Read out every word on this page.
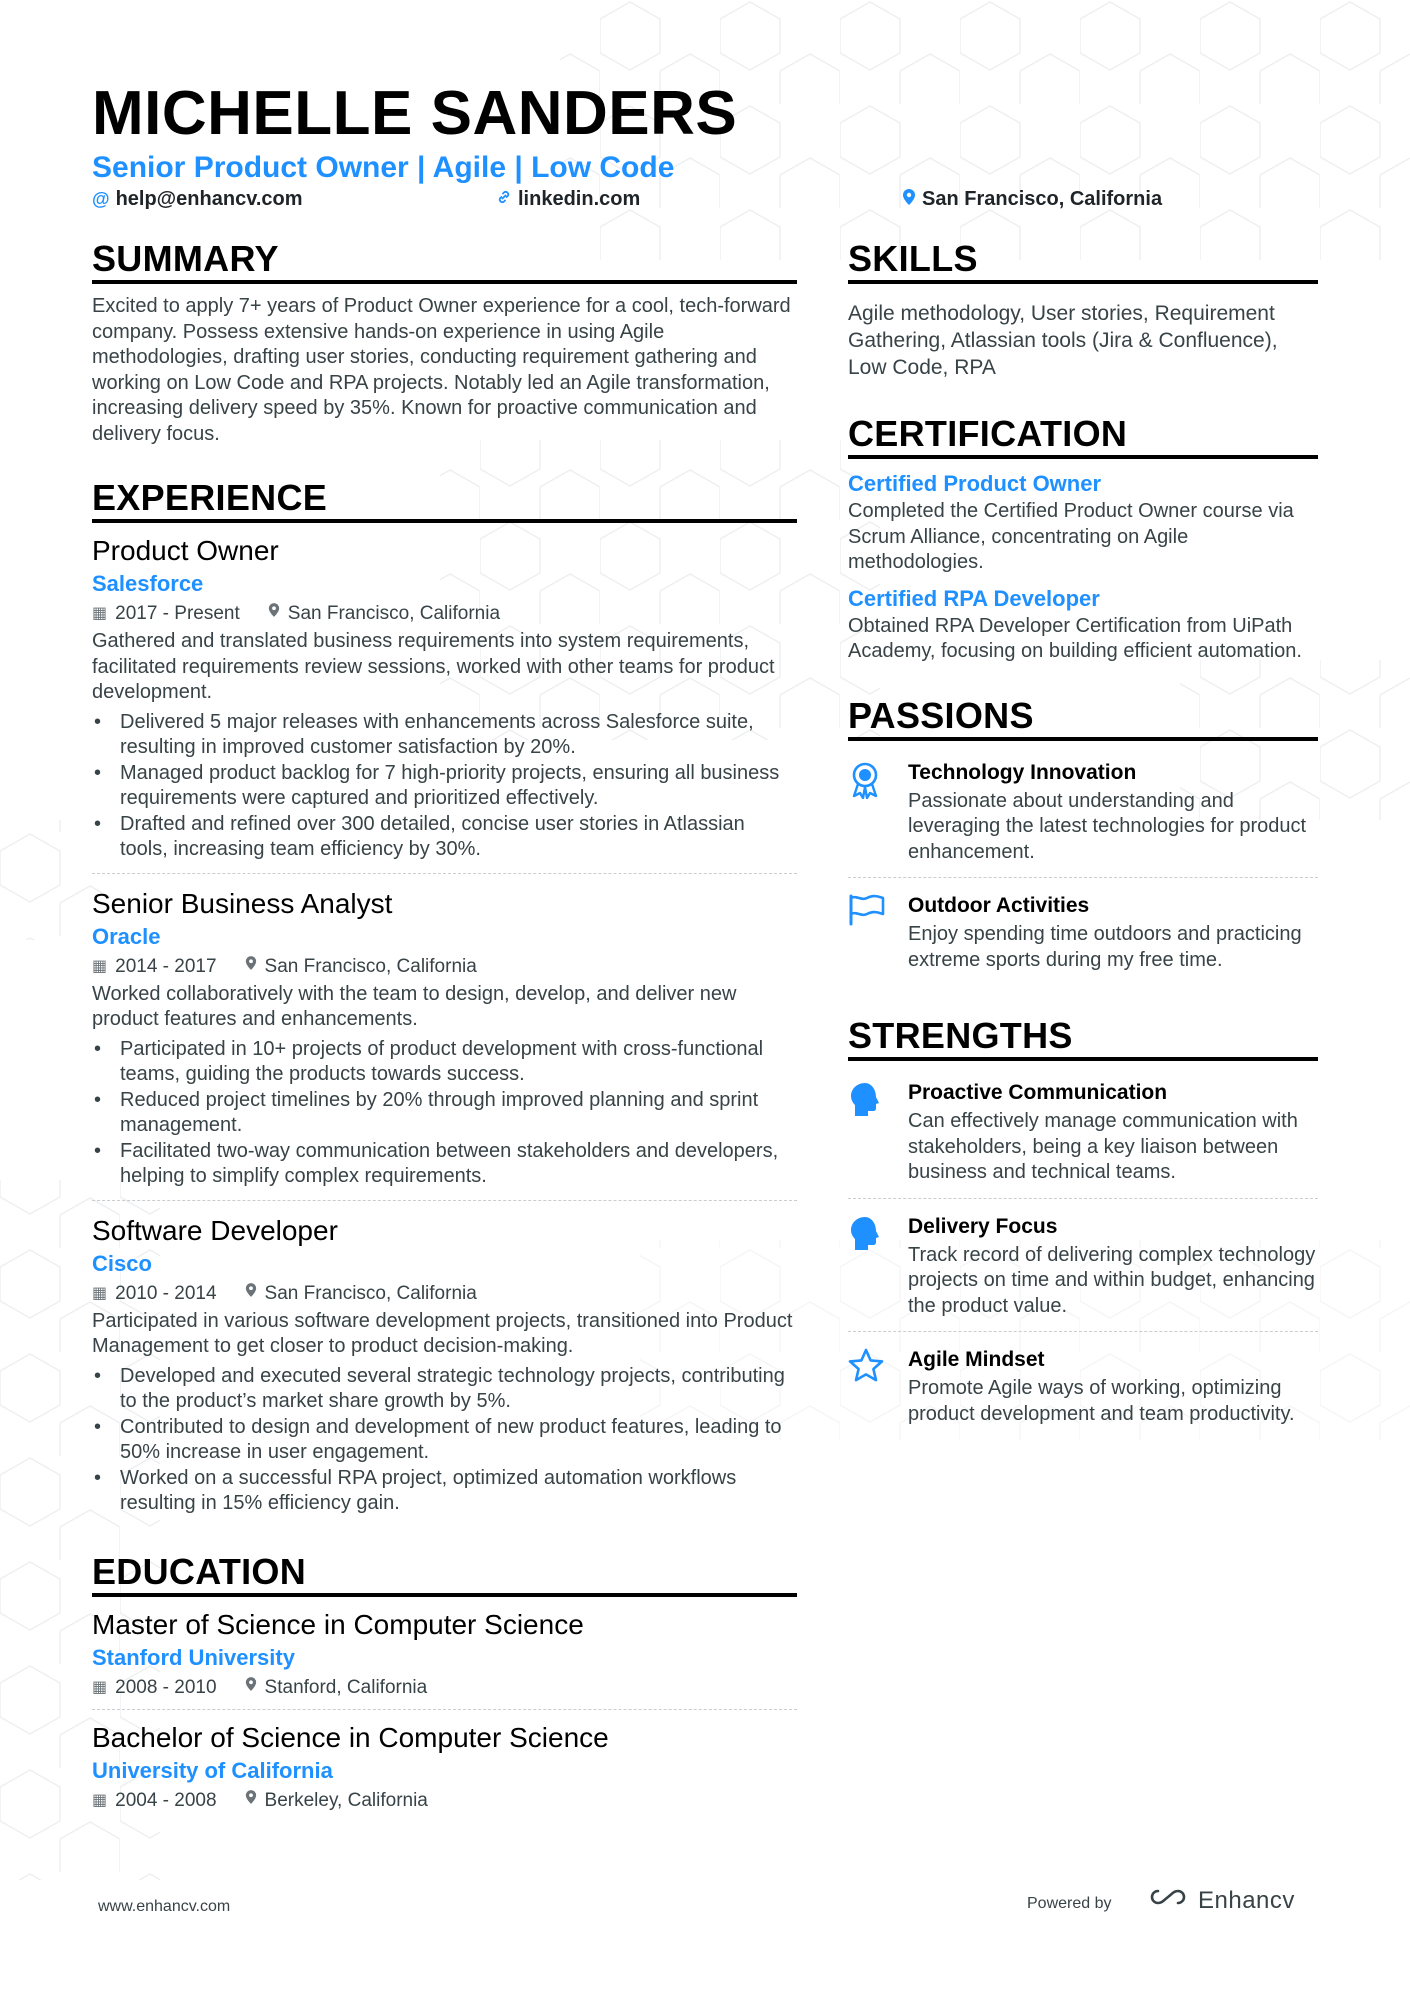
MICHELLE SANDERS
Senior Product Owner | Agile | Low Code
@ help@enhancv.com	linkedin.com	San Francisco, California
SUMMARY

Excited to apply 7+ years of Product Owner experience for a cool, tech-forward company. Possess extensive hands-on experience in using Agile methodologies, drafting user stories, conducting requirement gathering and working on Low Code and RPA projects. Notably led an Agile transformation, increasing delivery speed by 35%. Known for proactive communication and delivery focus.

EXPERIENCE
Product Owner
Salesforce
▦ 2017 - Present	San Francisco, California

Gathered and translated business requirements into system requirements, facilitated requirements review sessions, worked with other teams for product development.

• Delivered 5 major releases with enhancements across Salesforce suite, resulting in improved customer satisfaction by 20%.
• Managed product backlog for 7 high-priority projects, ensuring all business requirements were captured and prioritized effectively.
• Drafted and refined over 300 detailed, concise user stories in Atlassian tools, increasing team efficiency by 30%.
Senior Business Analyst
Oracle
▦ 2014 - 2017	San Francisco, California

Worked collaboratively with the team to design, develop, and deliver new product features and enhancements.

• Participated in 10+ projects of product development with cross-functional teams, guiding the products towards success.
• Reduced project timelines by 20% through improved planning and sprint management.
• Facilitated two-way communication between stakeholders and developers, helping to simplify complex requirements.
Software Developer
Cisco
▦ 2010 - 2014	San Francisco, California

Participated in various software development projects, transitioned into Product Management to get closer to product decision-making.

• Developed and executed several strategic technology projects, contributing to the product’s market share growth by 5%.
• Contributed to design and development of new product features, leading to 50% increase in user engagement.
• Worked on a successful RPA project, optimized automation workflows resulting in 15% efficiency gain.
EDUCATION
Master of Science in Computer Science
Stanford University
▦ 2008 - 2010	Stanford, California
Bachelor of Science in Computer Science
University of California
▦ 2004 - 2008	Berkeley, California
SKILLS

Agile methodology, User stories, Requirement Gathering, Atlassian tools (Jira & Confluence), Low Code, RPA

CERTIFICATION
Certified Product Owner

Completed the Certified Product Owner course via Scrum Alliance, concentrating on Agile methodologies.

Certified RPA Developer

Obtained RPA Developer Certification from UiPath Academy, focusing on building efficient automation.

PASSIONS
Technology Innovation
Passionate about understanding and leveraging the latest technologies for product enhancement.
Outdoor Activities
Enjoy spending time outdoors and practicing extreme sports during my free time.
STRENGTHS
Proactive Communication
Can effectively manage communication with stakeholders, being a key liaison between business and technical teams.
Delivery Focus
Track record of delivering complex technology projects on time and within budget, enhancing the product value.
Agile Mindset
Promote Agile ways of working, optimizing product development and team productivity.
www.enhancv.com	Powered by	Enhancv
